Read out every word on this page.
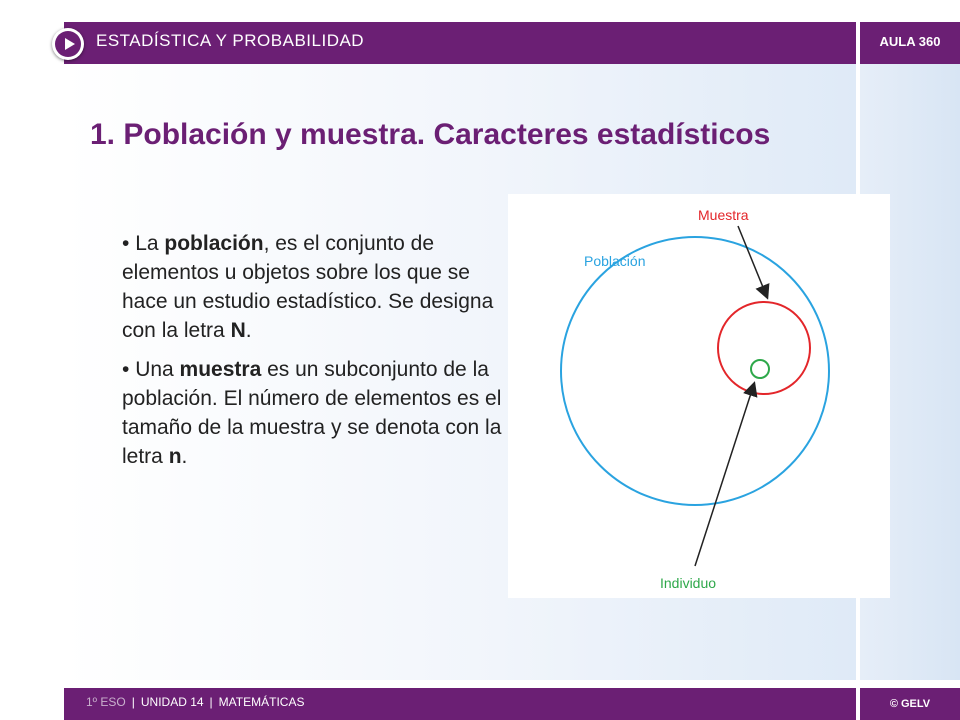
ESTADÍSTICA Y PROBABILIDAD	AULA 360
1. Población y muestra. Caracteres estadísticos

• La población, es el conjunto de elementos u objetos sobre los que se hace un estudio estadístico. Se designa con la letra N.

• Una muestra es un subconjunto de la población. El número de elementos es el tamaño de la muestra y se denota con la letra n.

Población
Muestra
Individuo
1º ESO | UNIDAD 14 | MATEMÁTICAS	© GELV
